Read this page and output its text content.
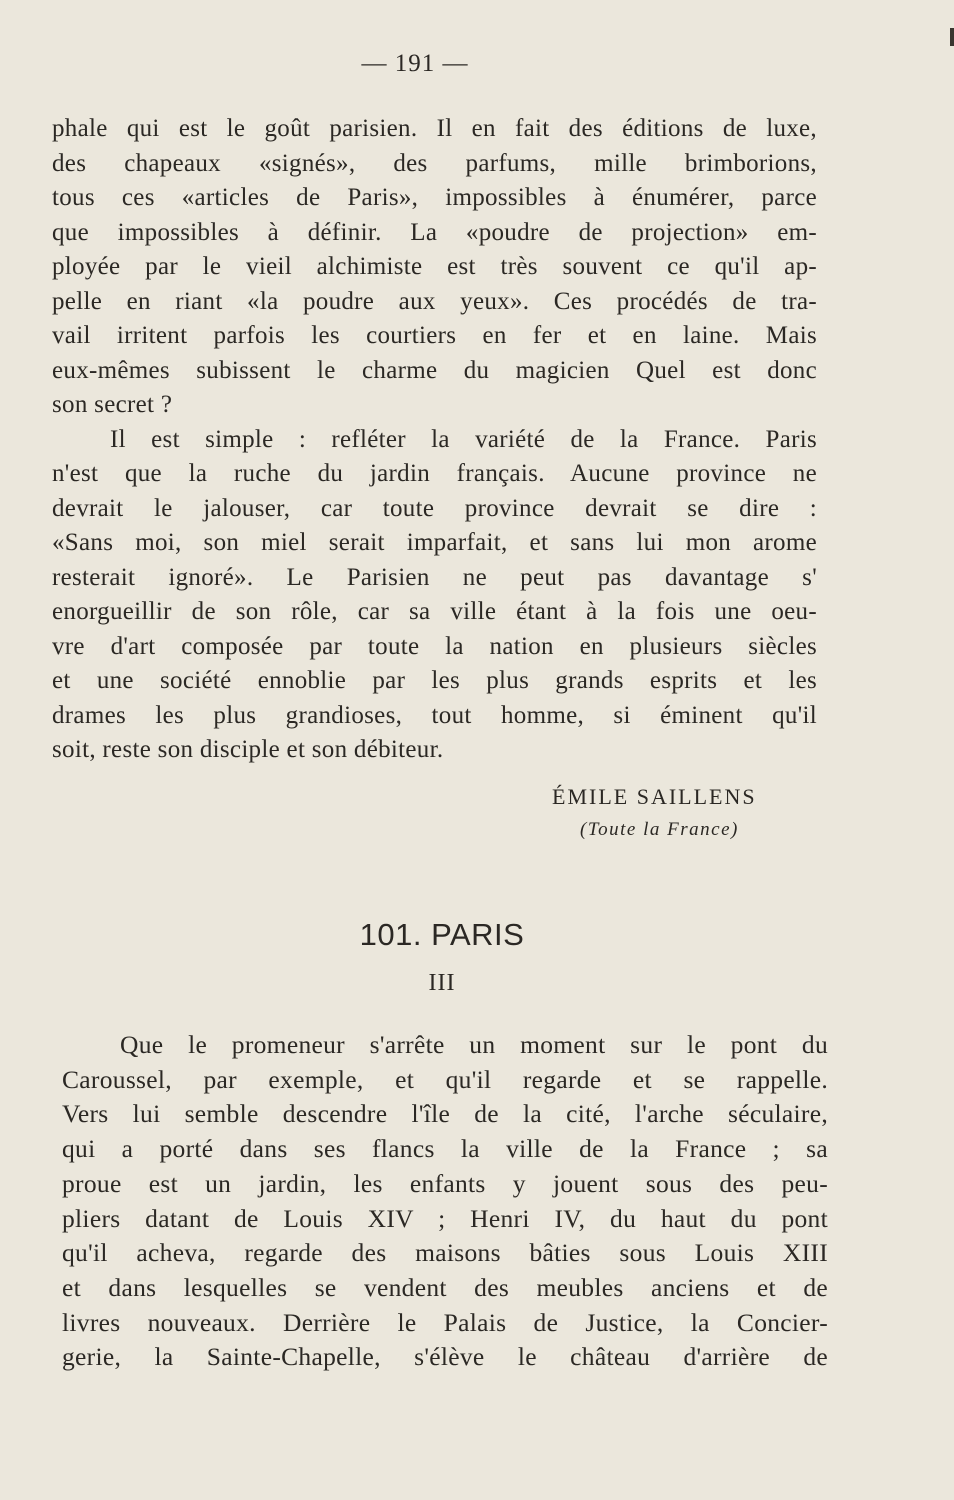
— 191 —
phale qui est le goût parisien. Il en fait des éditions de luxe,
des chapeaux «signés», des parfums, mille brimborions,
tous ces «articles de Paris», impossibles à énumérer, parce
que impossibles à définir. La «poudre de projection» em-
ployée par le vieil alchimiste est très souvent ce qu'il ap-
pelle en riant «la poudre aux yeux». Ces procédés de tra-
vail irritent parfois les courtiers en fer et en laine. Mais
eux-mêmes subissent le charme du magicien Quel est donc
son secret ?
Il est simple : refléter la variété de la France. Paris
n'est que la ruche du jardin français. Aucune province ne
devrait le jalouser, car toute province devrait se dire :
«Sans moi, son miel serait imparfait, et sans lui mon arome
resterait ignoré». Le Parisien ne peut pas davantage s'
enorgueillir de son rôle, car sa ville étant à la fois une oeu-
vre d'art composée par toute la nation en plusieurs siècles
et une société ennoblie par les plus grands esprits et les
drames les plus grandioses, tout homme, si éminent qu'il
soit, reste son disciple et son débiteur.
ÉMILE SAILLENS
(Toute la France)
101. PARIS
III
Que le promeneur s'arrête un moment sur le pont du
Caroussel, par exemple, et qu'il regarde et se rappelle.
Vers lui semble descendre l'île de la cité, l'arche séculaire,
qui a porté dans ses flancs la ville de la France ; sa
proue est un jardin, les enfants y jouent sous des peu-
pliers datant de Louis XIV ; Henri IV, du haut du pont
qu'il acheva, regarde des maisons bâties sous Louis XIII
et dans lesquelles se vendent des meubles anciens et de
livres nouveaux. Derrière le Palais de Justice, la Concier-
gerie, la Sainte-Chapelle, s'élève le château d'arrière de
